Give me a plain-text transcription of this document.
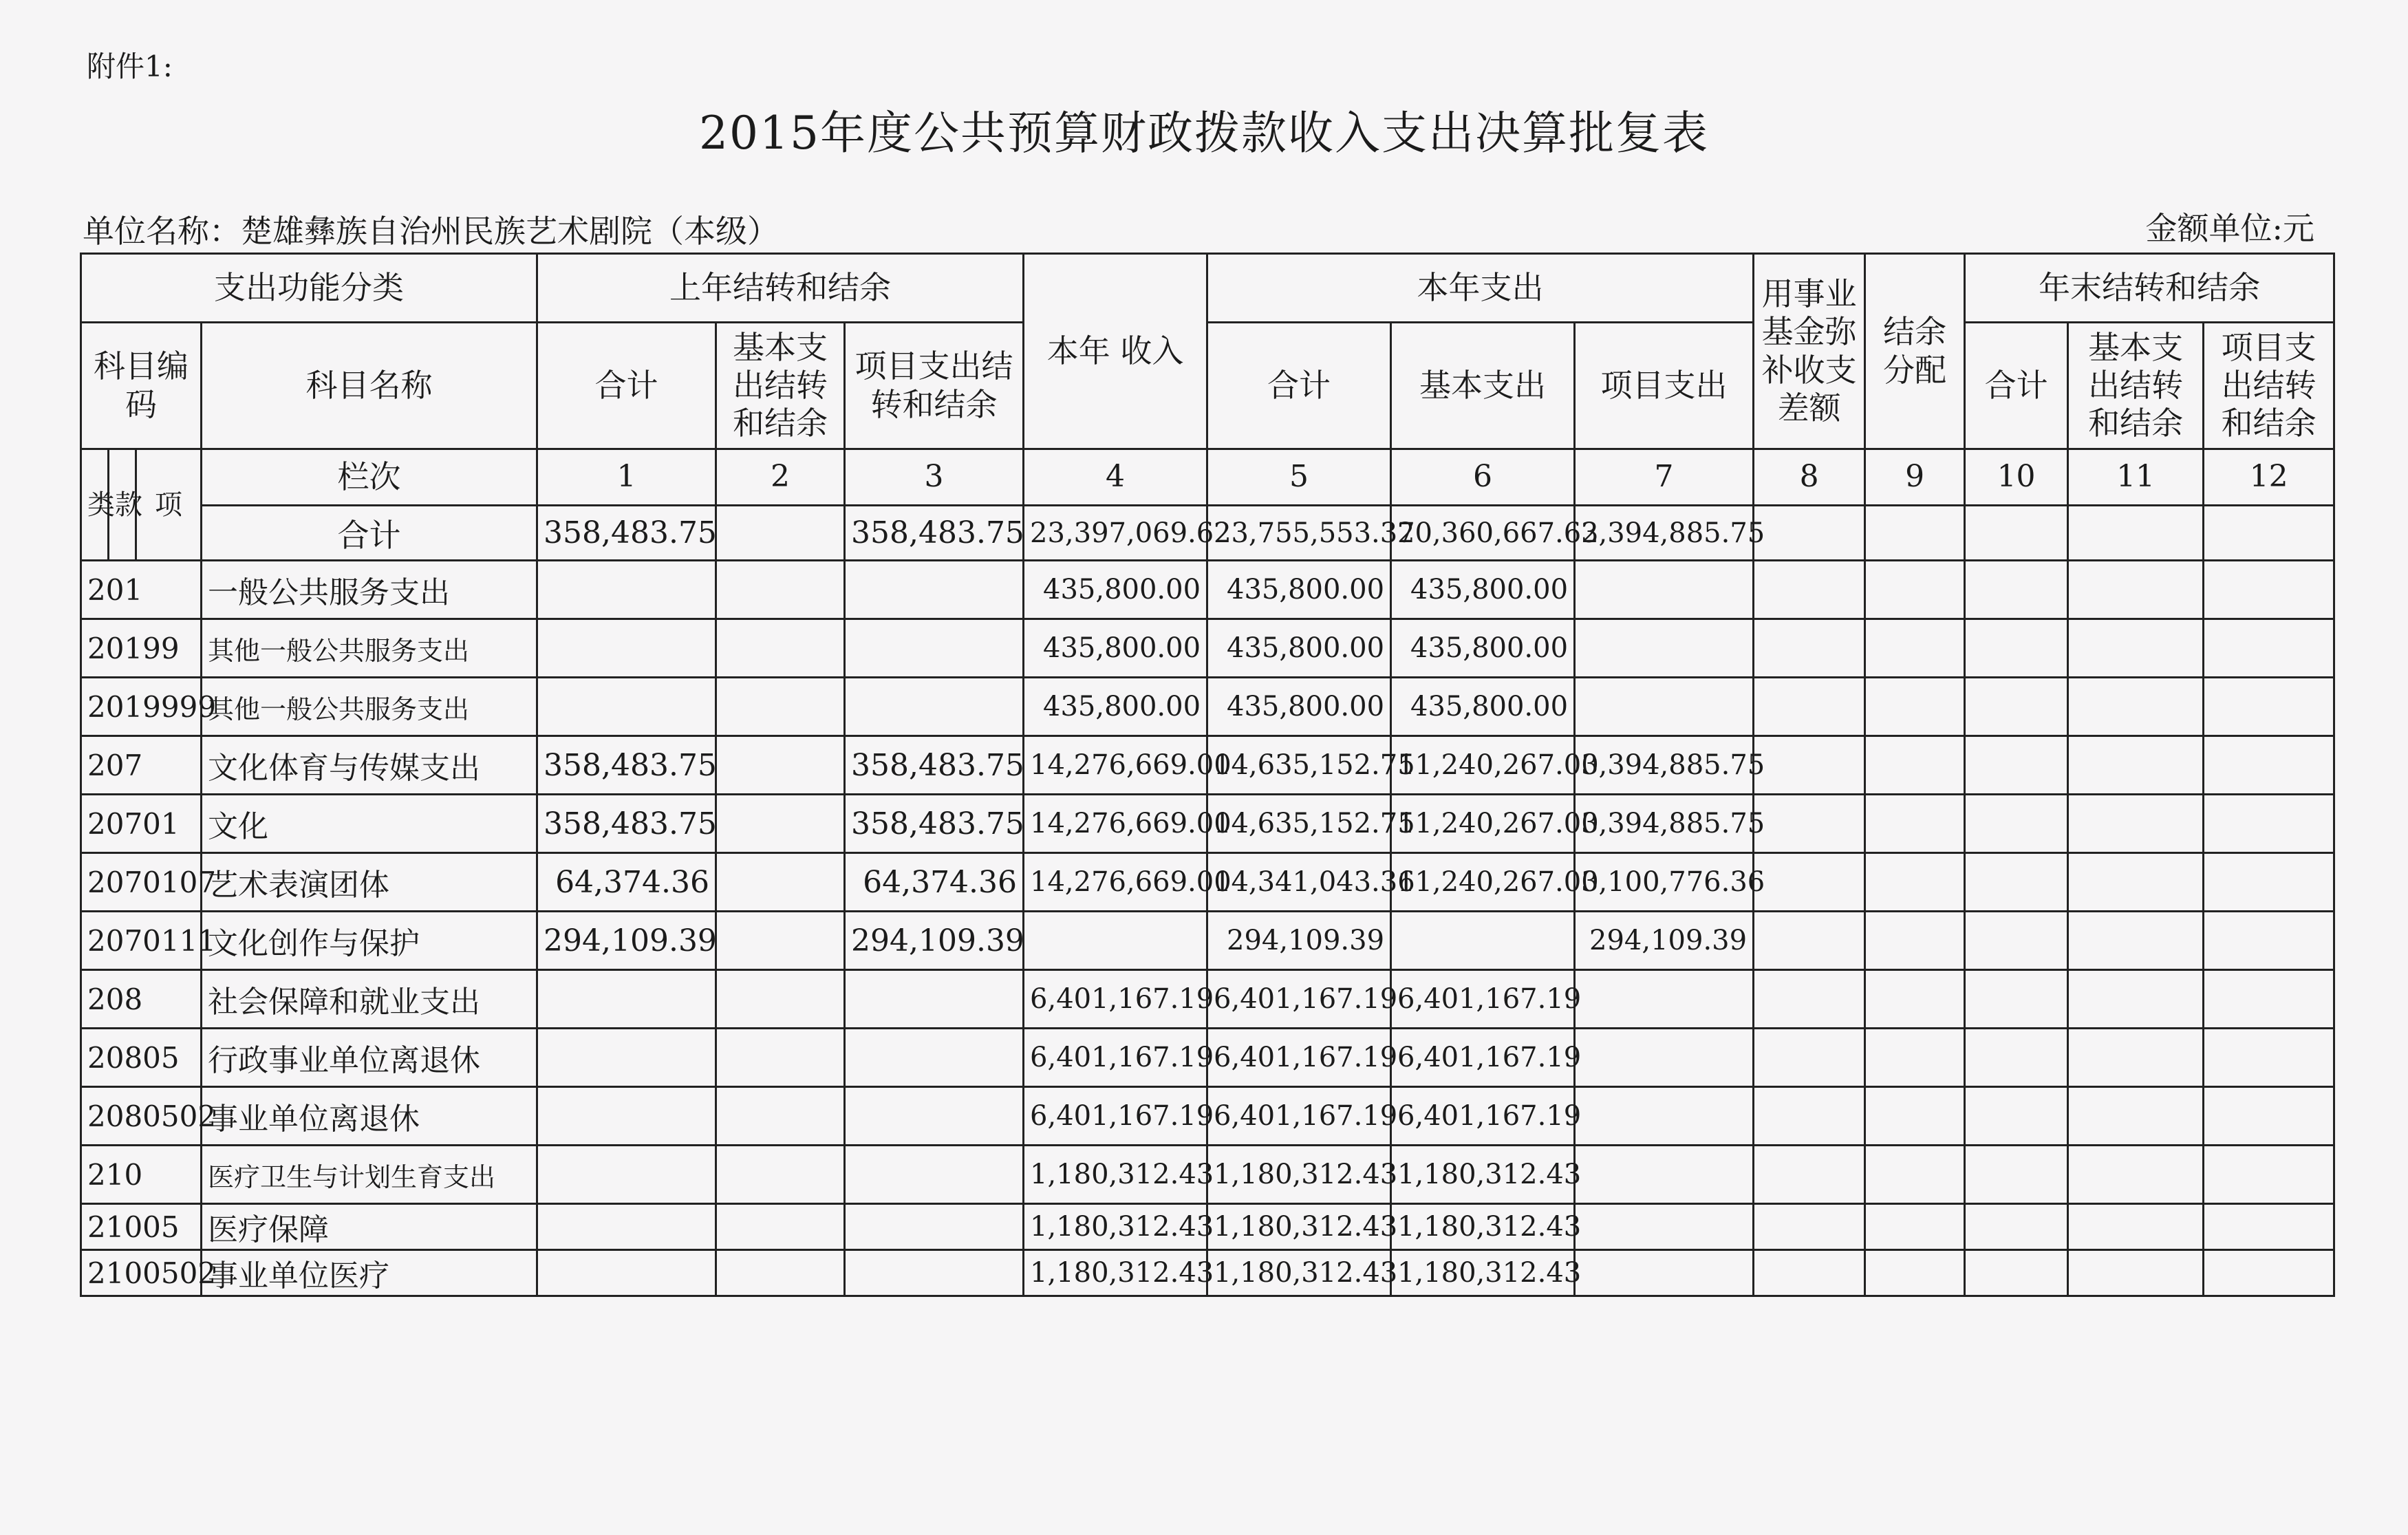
附件1:
2015年度公共预算财政拨款收入支出决算批复表
单位名称：楚雄彝族自治州民族艺术剧院（本级）	金额单位:元
支出功能分类				上年结转和结余			本年 收入	本年支出			用事业基金弥补收支差额	结余分配	年末结转和结余		
科目编码			科目名称	合计	基本支出结转和结余	项目支出结转和结余		合计	基本支出	项目支出			合计	基本支出结转和结余	项目支出结转和结余
类	款	项	栏次	1	2	3	4	5	6	7	8	9	10	11	12
			合计	358,483.75		358,483.75	23,397,069.62	23,755,553.37	20,360,667.62	3,394,885.75					
201			一般公共服务支出				435,800.00	435,800.00	435,800.00						
20199			其他一般公共服务支出				435,800.00	435,800.00	435,800.00						
2019999			其他一般公共服务支出				435,800.00	435,800.00	435,800.00						
207			文化体育与传媒支出	358,483.75		358,483.75	14,276,669.00	14,635,152.75	11,240,267.00	3,394,885.75					
20701			文化	358,483.75		358,483.75	14,276,669.00	14,635,152.75	11,240,267.00	3,394,885.75					
2070107			艺术表演团体	64,374.36		64,374.36	14,276,669.00	14,341,043.36	11,240,267.00	3,100,776.36					
2070111			文化创作与保护	294,109.39		294,109.39		294,109.39		294,109.39					
208			社会保障和就业支出				6,401,167.19	6,401,167.19	6,401,167.19						
20805			行政事业单位离退休				6,401,167.19	6,401,167.19	6,401,167.19						
2080502			事业单位离退休				6,401,167.19	6,401,167.19	6,401,167.19						
210			医疗卫生与计划生育支出				1,180,312.43	1,180,312.43	1,180,312.43						
21005			医疗保障				1,180,312.43	1,180,312.43	1,180,312.43						
2100502			事业单位医疗				1,180,312.43	1,180,312.43	1,180,312.43						
